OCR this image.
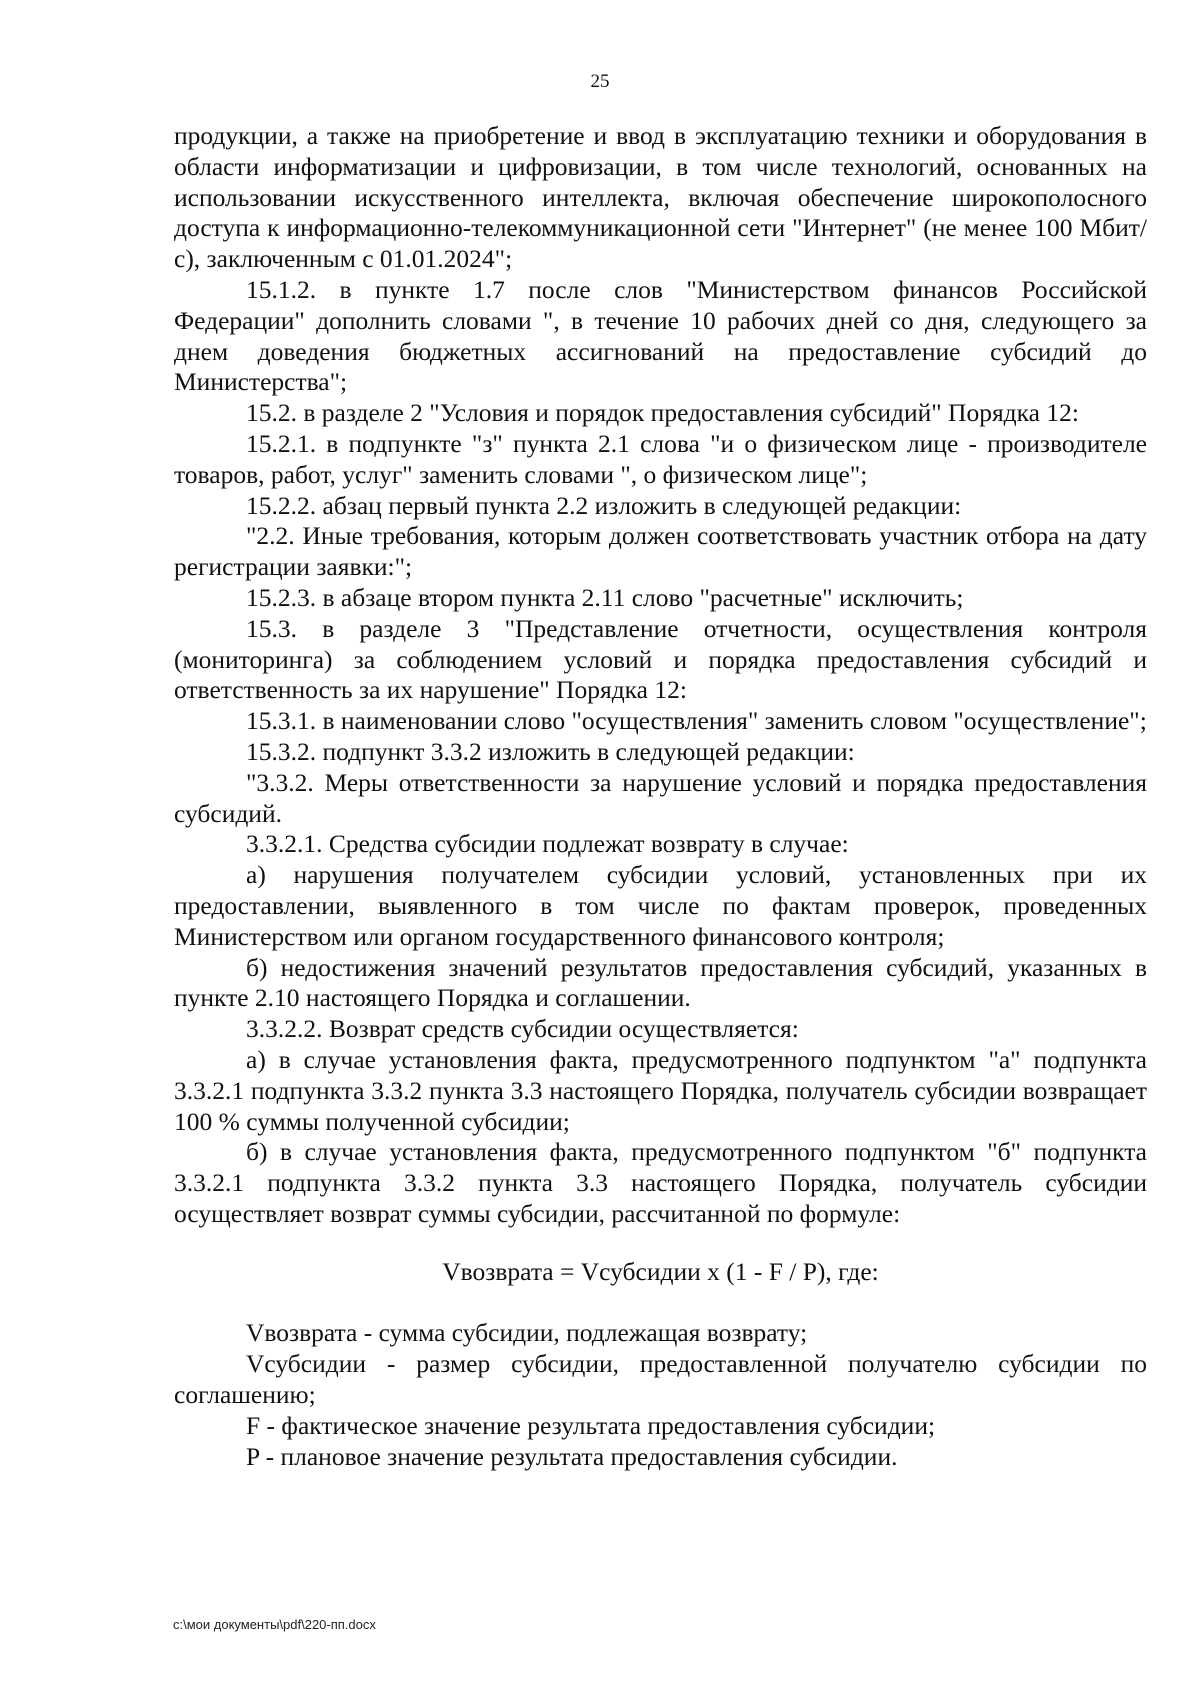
25

продукции, а также на приобретение и ввод в эксплуатацию техники и оборудования в области информатизации и цифровизации, в том числе технологий, основанных на использовании искусственного интеллекта, включая обеспечение широкополосного доступа к информационно-телекоммуникационной сети "Интернет" (не менее 100 Мбит/с), заключенным с 01.01.2024";

15.1.2. в пункте 1.7 после слов "Министерством финансов Российской Федерации" дополнить словами ", в течение 10 рабочих дней со дня, следующего за днем доведения бюджетных ассигнований на предоставление субсидий до Министерства";

15.2. в разделе 2 "Условия и порядок предоставления субсидий" Порядка 12:

15.2.1. в подпункте "з" пункта 2.1 слова "и о физическом лице - производителе товаров, работ, услуг" заменить словами ", о физическом лице";

15.2.2. абзац первый пункта 2.2 изложить в следующей редакции:

"2.2. Иные требования, которым должен соответствовать участник отбора на дату регистрации заявки:";

15.2.3. в абзаце втором пункта 2.11 слово "расчетные" исключить;

15.3. в разделе 3 "Представление отчетности, осуществления контроля (мониторинга) за соблюдением условий и порядка предоставления субсидий и ответственность за их нарушение" Порядка 12:

15.3.1. в наименовании слово "осуществления" заменить словом "осуществление";

15.3.2. подпункт 3.3.2 изложить в следующей редакции:

"3.3.2. Меры ответственности за нарушение условий и порядка предоставления субсидий.

3.3.2.1. Средства субсидии подлежат возврату в случае:

а) нарушения получателем субсидии условий, установленных при их предоставлении, выявленного в том числе по фактам проверок, проведенных Министерством или органом государственного финансового контроля;

б) недостижения значений результатов предоставления субсидий, указанных в пункте 2.10 настоящего Порядка и соглашении.

3.3.2.2. Возврат средств субсидии осуществляется:

а) в случае установления факта, предусмотренного подпунктом "а" подпункта 3.3.2.1 подпункта 3.3.2 пункта 3.3 настоящего Порядка, получатель субсидии возвращает 100 % суммы полученной субсидии;

б) в случае установления факта, предусмотренного подпунктом "б" подпункта 3.3.2.1 подпункта 3.3.2 пункта 3.3 настоящего Порядка, получатель субсидии осуществляет возврат суммы субсидии, рассчитанной по формуле:

Vвозврата = Vсубсидии x (1 - F / P), где:

Vвозврата - сумма субсидии, подлежащая возврату;

Vсубсидии - размер субсидии, предоставленной получателю субсидии по соглашению;

F - фактическое значение результата предоставления субсидии;

P - плановое значение результата предоставления субсидии.

c:\мои документы\pdf\220-пп.docx
